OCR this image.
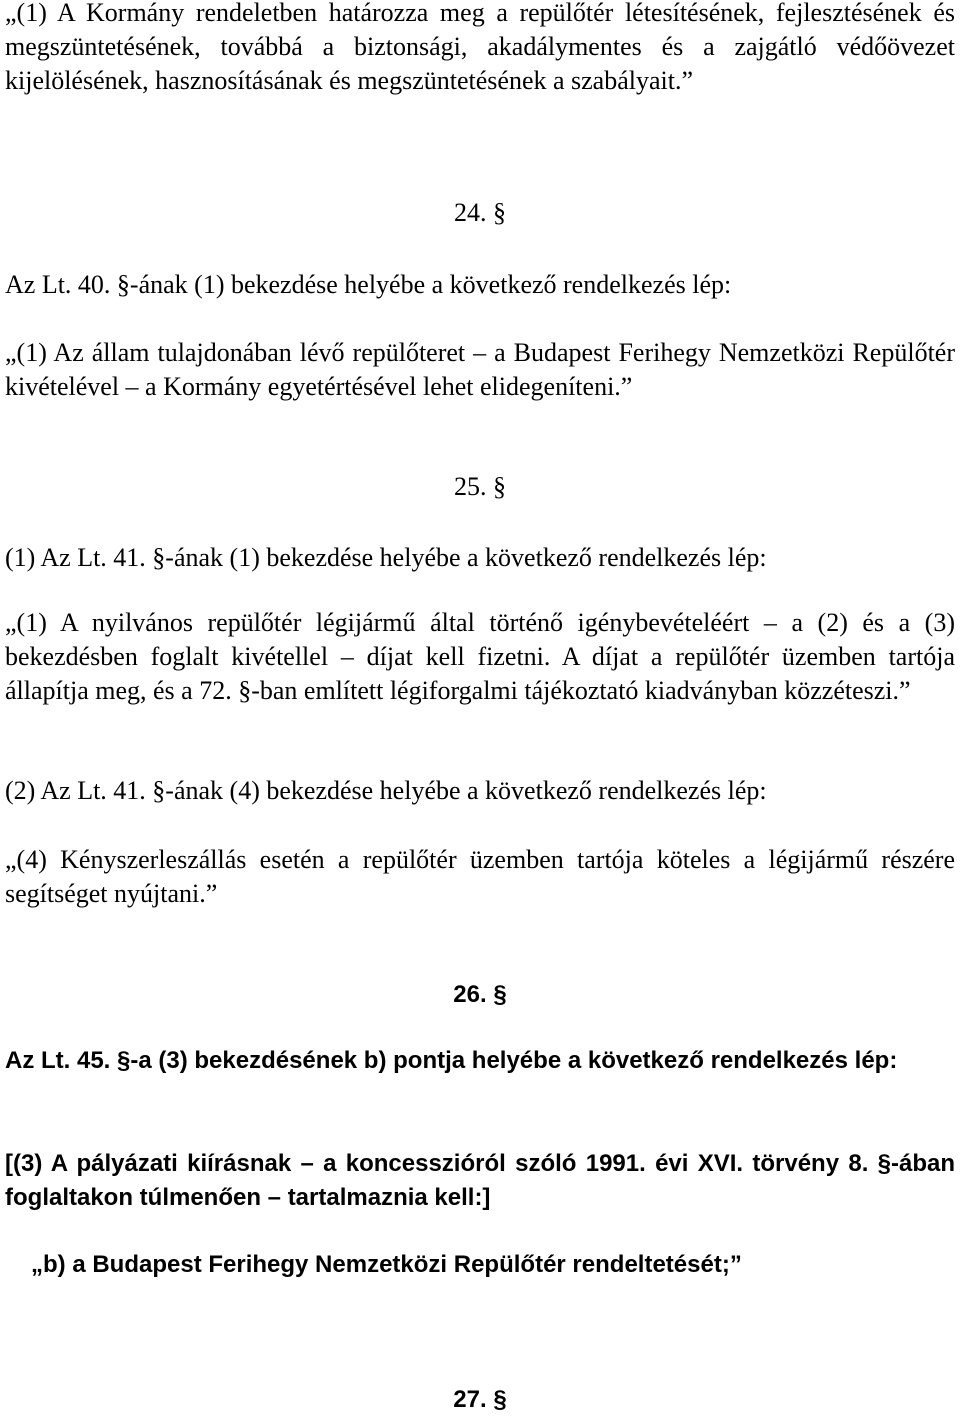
„(1) A Kormány rendeletben határozza meg a repülőtér létesítésének, fejlesztésének és megszüntetésének, továbbá a biztonsági, akadálymentes és a zajgátló védőövezet kijelölésének, hasznosításának és megszüntetésének a szabályait.”

24. §

Az Lt. 40. §-ának (1) bekezdése helyébe a következő rendelkezés lép:

„(1) Az állam tulajdonában lévő repülőteret – a Budapest Ferihegy Nemzetközi Repülőtér kivételével – a Kormány egyetértésével lehet elidegeníteni.”

25. §

(1) Az Lt. 41. §-ának (1) bekezdése helyébe a következő rendelkezés lép:

„(1) A nyilvános repülőtér légijármű által történő igénybevételéért – a (2) és a (3) bekezdésben foglalt kivétellel – díjat kell fizetni. A díjat a repülőtér üzemben tartója állapítja meg, és a 72. §-ban említett légiforgalmi tájékoztató kiadványban közzéteszi.”

(2) Az Lt. 41. §-ának (4) bekezdése helyébe a következő rendelkezés lép:

„(4) Kényszerleszállás esetén a repülőtér üzemben tartója köteles a légijármű részére segítséget nyújtani.”

26. §

Az Lt. 45. §-a (3) bekezdésének b) pontja helyébe a következő rendelkezés lép:

[(3) A pályázati kiírásnak – a koncesszióról szóló 1991. évi XVI. törvény 8. §-ában foglaltakon túlmenően – tartalmaznia kell:]

„b) a Budapest Ferihegy Nemzetközi Repülőtér rendeltetését;”

27. §
